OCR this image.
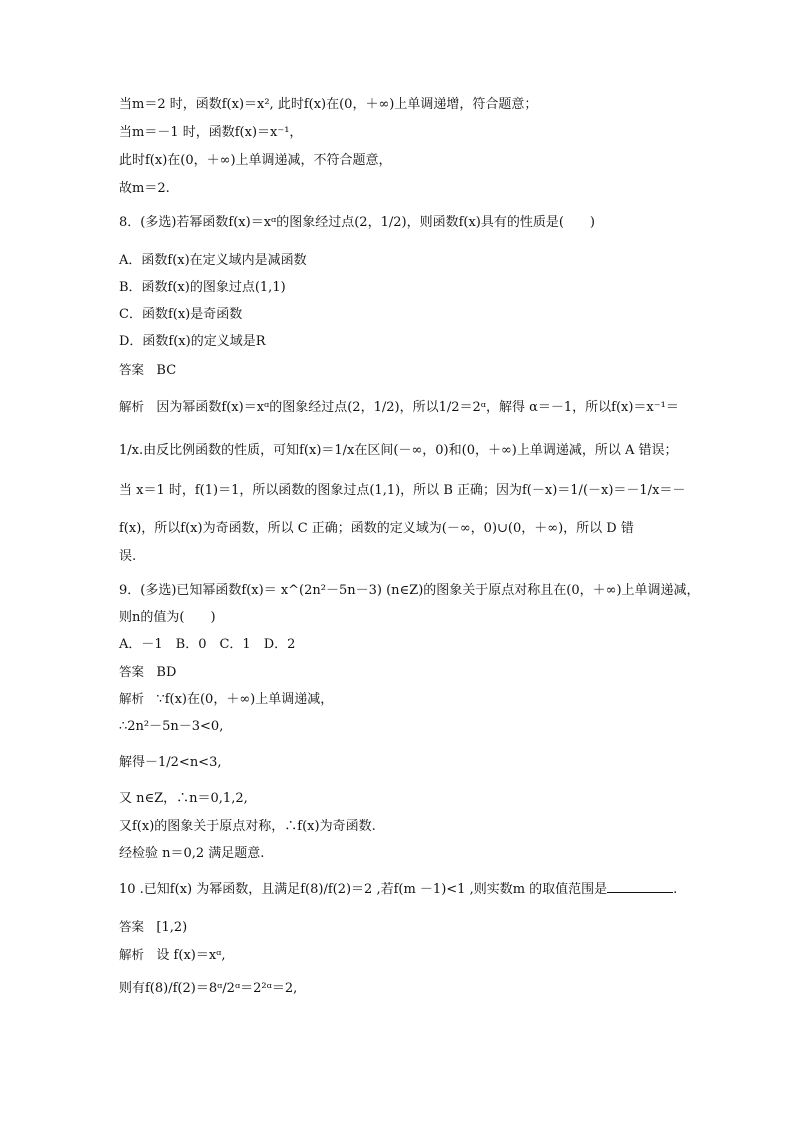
当m＝2 时，函数f(x)＝x², 此时f(x)在(0，＋∞)上单调递增，符合题意；
当m＝－1 时，函数f(x)＝x⁻¹，
此时f(x)在(0，＋∞)上单调递减，不符合题意，
故m＝2.
8．(多选)若幂函数f(x)＝xᵅ的图象经过点(2，1/2)，则函数f(x)具有的性质是(　　)
A．函数f(x)在定义域内是减函数
B．函数f(x)的图象过点(1,1)
C．函数f(x)是奇函数
D．函数f(x)的定义域是R
答案 BC
解析 因为幂函数f(x)＝xᵅ的图象经过点(2，1/2)，所以1/2＝2ᵅ，解得 α＝－1，所以f(x)＝x⁻¹＝
1/x.由反比例函数的性质，可知f(x)＝1/x在区间(－∞，0)和(0，＋∞)上单调递减，所以 A 错误；
当 x＝1 时，f(1)＝1，所以函数的图象过点(1,1)，所以 B 正确；因为f(－x)＝1/(－x)＝－1/x＝－
f(x)，所以f(x)为奇函数，所以 C 正确；函数的定义域为(－∞，0)∪(0，＋∞)，所以 D 错
误.
9．(多选)已知幂函数f(x)＝ x^(2n²－5n－3) (n∈Z)的图象关于原点对称且在(0，＋∞)上单调递减，
则n的值为(　　)
A．－1　B．0　C．1　D．2
答案 BD
解析 ∵f(x)在(0，＋∞)上单调递减，
∴2n²－5n－3<0,
解得－1/2<n<3,
又 n∈Z，∴n＝0,1,2,
又f(x)的图象关于原点对称，∴f(x)为奇函数.
经检验 n＝0,2 满足题意.
10 .已知f(x) 为幂函数，且满足f(8)/f(2)＝2 ,若f(m －1)<1 ,则实数m 的取值范围是	.
答案 [1,2)
解析 设 f(x)＝xᵅ,
则有f(8)/f(2)＝8ᵅ/2ᵅ＝2²ᵅ＝2,
